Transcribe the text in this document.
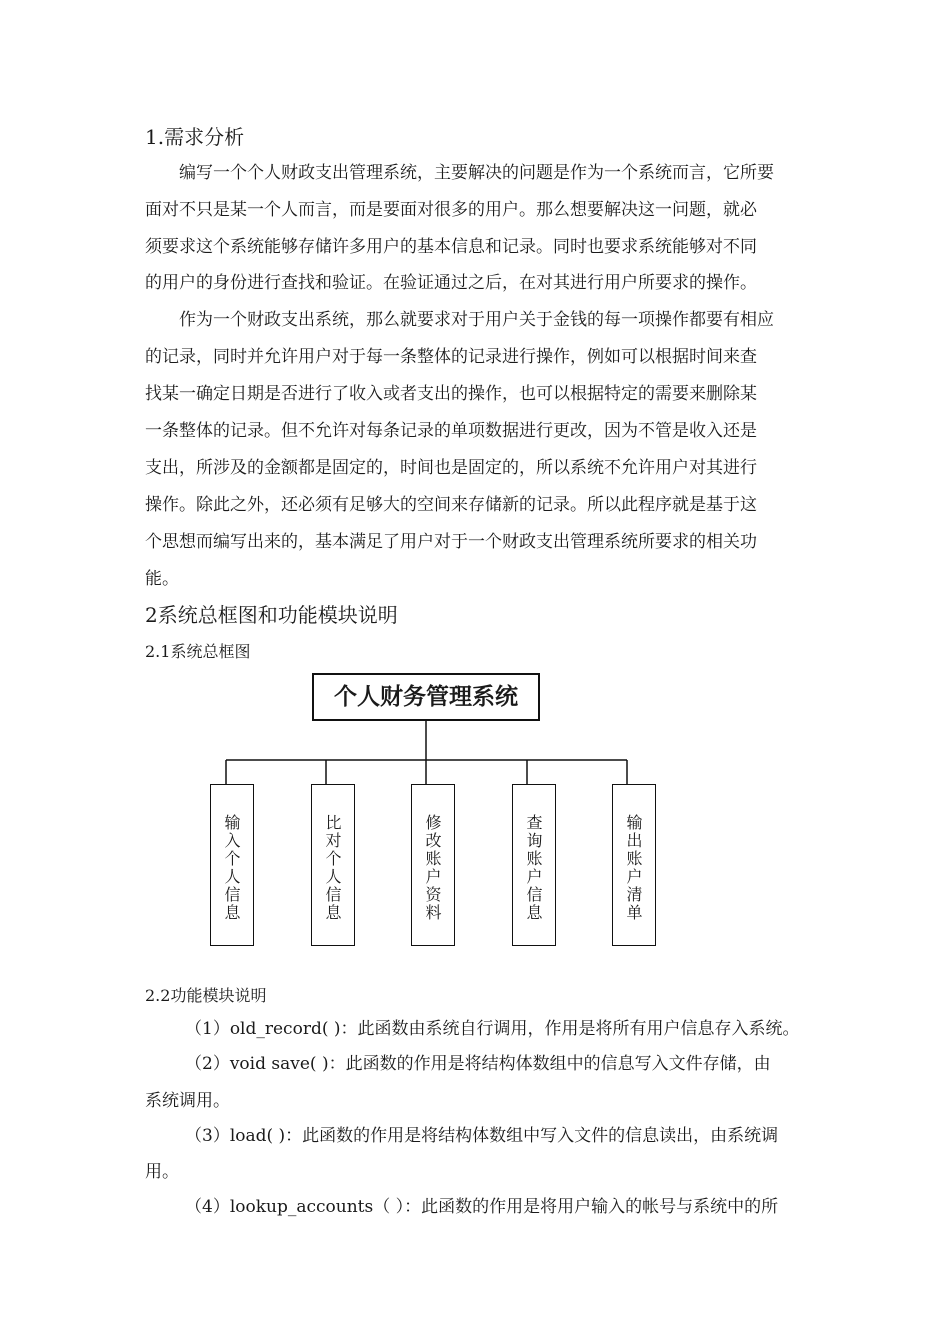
1.需求分析
编写一个个人财政支出管理系统，主要解决的问题是作为一个系统而言，它所要
面对不只是某一个人而言，而是要面对很多的用户。那么想要解决这一问题，就必
须要求这个系统能够存储许多用户的基本信息和记录。同时也要求系统能够对不同
的用户的身份进行查找和验证。在验证通过之后，在对其进行用户所要求的操作。
作为一个财政支出系统，那么就要求对于用户关于金钱的每一项操作都要有相应
的记录，同时并允许用户对于每一条整体的记录进行操作，例如可以根据时间来查
找某一确定日期是否进行了收入或者支出的操作，也可以根据特定的需要来删除某
一条整体的记录。但不允许对每条记录的单项数据进行更改，因为不管是收入还是
支出，所涉及的金额都是固定的，时间也是固定的，所以系统不允许用户对其进行
操作。除此之外，还必须有足够大的空间来存储新的记录。所以此程序就是基于这
个思想而编写出来的，基本满足了用户对于一个财政支出管理系统所要求的相关功
能。
2系统总框图和功能模块说明
2.1系统总框图
个人财务管理系统
输入个人信息	比对个人信息	修改账户资料	查询账户信息	输出账户清单
2.2功能模块说明
（1）old_record( )：此函数由系统自行调用，作用是将所有用户信息存入系统。
（2）void save( )：此函数的作用是将结构体数组中的信息写入文件存储，由
系统调用。
（3）load( )：此函数的作用是将结构体数组中写入文件的信息读出，由系统调
用。
（4）lookup_accounts（ ）：此函数的作用是将用户输入的帐号与系统中的所
